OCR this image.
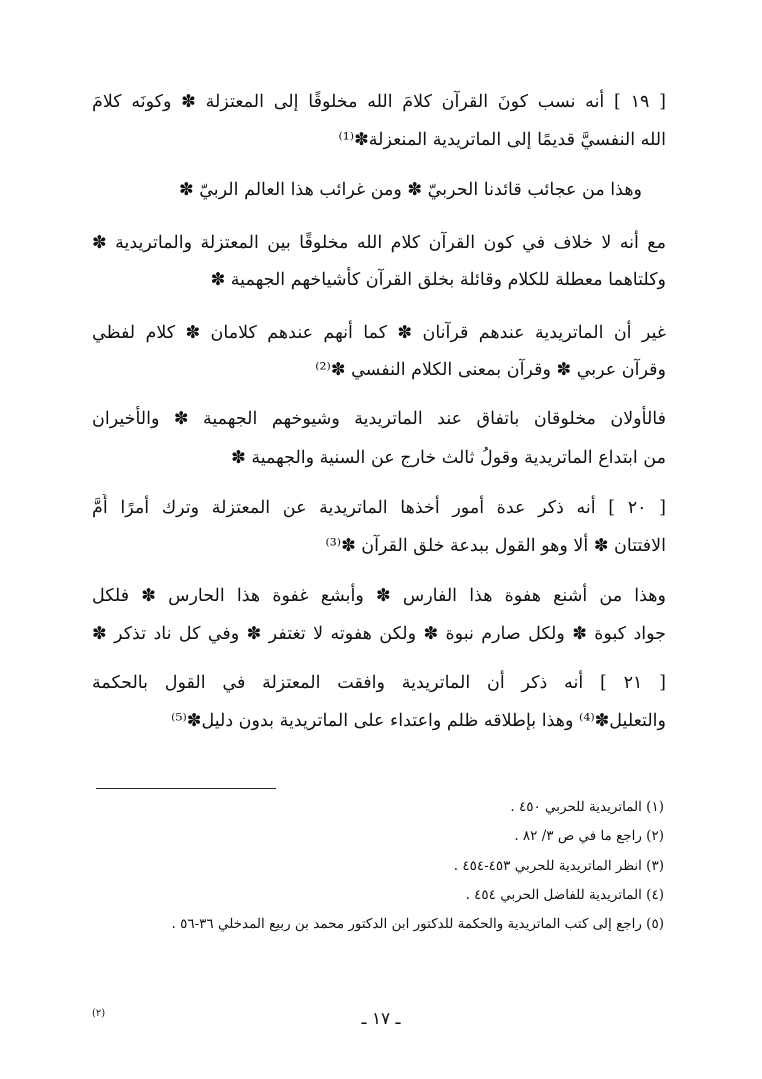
[ ١٩ ] أنه نسب كونَ القرآن كلامَ الله مخلوقًا إلى المعتزلة ✽ وكونَه كلامَ
الله النفسيَّ قديمًا إلى الماتريدية المنعزلة✽⁽¹⁾
وهذا من عجائب قائدنا الحربيّ ✽ ومن غرائب هذا العالم الربيّ ✽
مع أنه لا خلاف في كون القرآن كلام الله مخلوقًا بين المعتزلة والماتريدية ✽
وكلتاهما معطلة للكلام وقائلة بخلق القرآن كأشياخهم الجهمية ✽
غير أن الماتريدية عندهم قرآنان ✽ كما أنهم عندهم كلامان ✽ كلام لفظي
وقرآن عربي ✽ وقرآن بمعنى الكلام النفسي ✽⁽²⁾
فالأولان مخلوقان باتفاق عند الماتريدية وشيوخهم الجهمية ✽ والأخيران
من ابتداع الماتريدية وقولُ ثالث خارج عن السنية والجهمية ✽
[ ٢٠ ] أنه ذكر عدة أمور أخذها الماتريدية عن المعتزلة وترك أمرًا أُمَّ
الافتتان ✽ ألا وهو القول ببدعة خلق القرآن ✽⁽³⁾
وهذا من أشنع هفوة هذا الفارس ✽ وأبشع غفوة هذا الحارس ✽ فلكل
جواد كبوة ✽ ولكل صارم نبوة ✽ ولكن هفوته لا تغتفر ✽ وفي كل ناد تذكر ✽
[ ٢١ ] أنه ذكر أن الماتريدية وافقت المعتزلة في القول بالحكمة
والتعليل✽⁽⁴⁾ وهذا بإطلاقه ظلم واعتداء على الماتريدية بدون دليل✽⁽⁵⁾
(١) الماتريدية للحربي ٤٥٠ .
(٢) راجع ما في ص ٣/ ٨٢ .
(٣) انظر الماتريدية للحربي ٤٥٣-٤٥٤ .
(٤) الماتريدية للفاضل الحربي ٤٥٤ .
(٥) راجع إلى كتب الماتريدية والحكمة للدكتور ابن الدكتور محمد بن ربيع المدخلي ٣٦-٥٦ .
ـ ١٧ ـ
(٢)
